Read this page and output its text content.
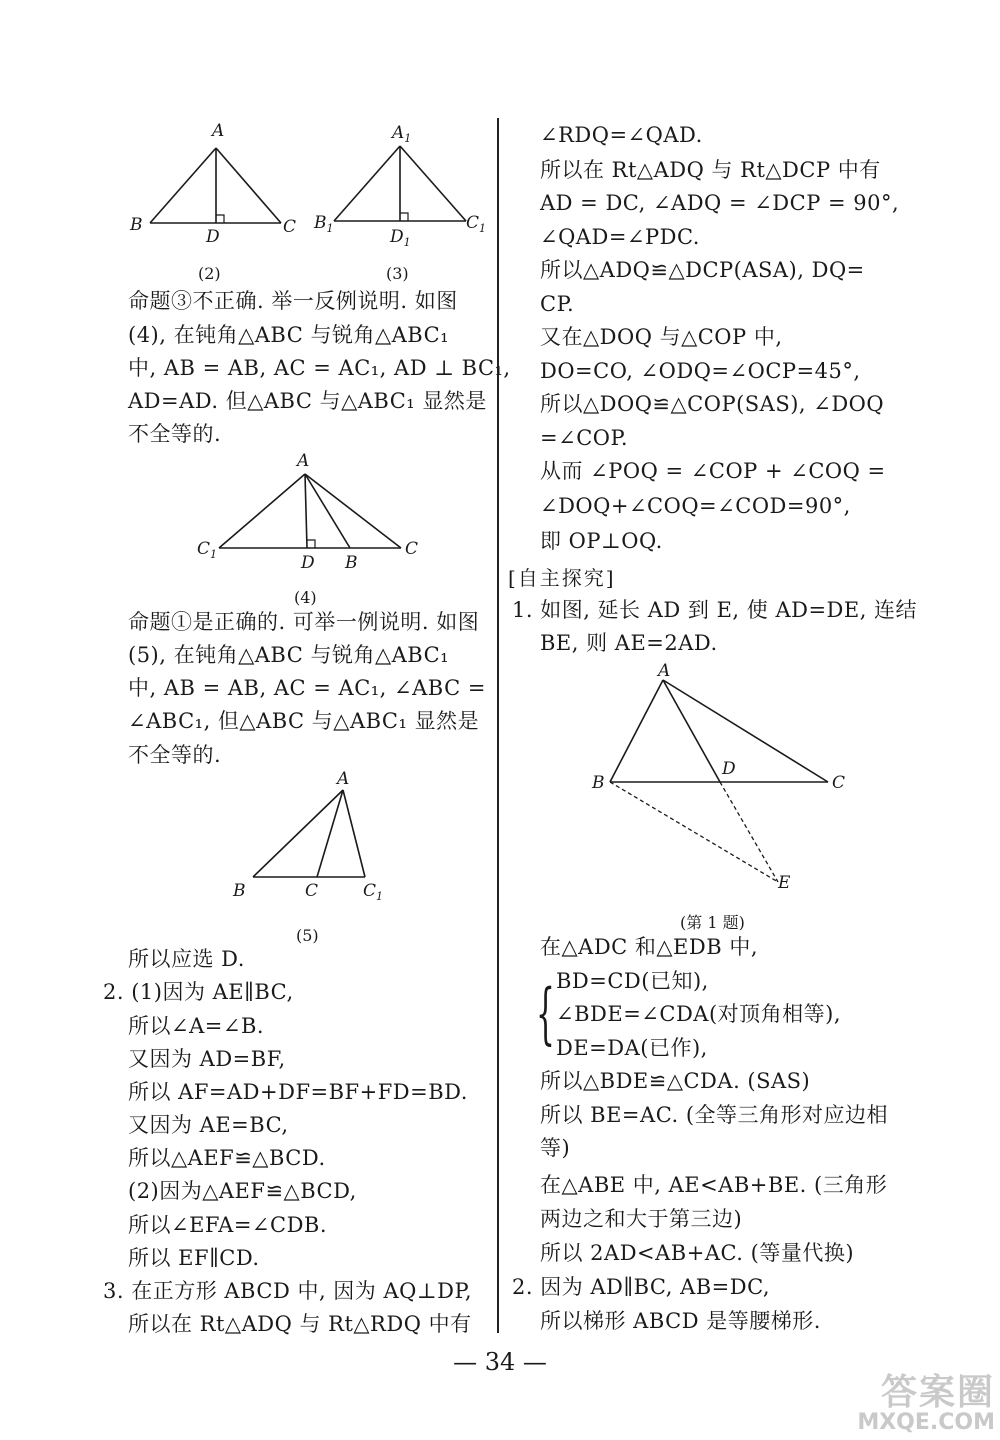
A
B	C
D
(2)
$A_1$
$B_1$	$C_1$
$D_1$
(3)
命题③不正确. 举一反例说明. 如图
(4), 在钝角△ABC 与锐角△ABC₁
中, AB = AB, AC = AC₁, AD ⊥ BC₁,
AD=AD. 但△ABC 与△ABC₁ 显然是
不全等的.
A
$C_1$	D B
C
(4)
命题①是正确的. 可举一例说明. 如图
(5), 在钝角△ABC 与锐角△ABC₁
中, AB = AB, AC = AC₁, ∠ABC =
∠ABC₁, 但△ABC 与△ABC₁ 显然是
不全等的.
A
B	C	$C_1$
(5)
所以应选 D.
2. (1)因为 AE∥BC,
所以∠A=∠B.
又因为 AD=BF,
所以 AF=AD+DF=BF+FD=BD.
又因为 AE=BC,
所以△AEF≌△BCD.
(2)因为△AEF≌△BCD,
所以∠EFA=∠CDB.
所以 EF∥CD.
3. 在正方形 ABCD 中, 因为 AQ⊥DP,
所以在 Rt△ADQ 与 Rt△RDQ 中有
∠RDQ=∠QAD.
所以在 Rt△ADQ 与 Rt△DCP 中有
AD = DC, ∠ADQ = ∠DCP = 90°,
∠QAD=∠PDC.
所以△ADQ≌△DCP(ASA), DQ=
CP.
又在△DOQ 与△COP 中,
DO=CO, ∠ODQ=∠OCP=45°,
所以△DOQ≌△COP(SAS), ∠DOQ
=∠COP.
从而 ∠POQ = ∠COP + ∠COQ =
∠DOQ+∠COQ=∠COD=90°,
即 OP⊥OQ.
[自主探究]
1. 如图, 延长 AD 到 E, 使 AD=DE, 连结
BE, 则 AE=2AD.
A
B
D
C
E
(第 1 题)
在△ADC 和△EDB 中,
{ BD=CD(已知),
∠BDE=∠CDA(对顶角相等),
DE=DA(已作),
所以△BDE≌△CDA. (SAS)
所以 BE=AC. (全等三角形对应边相
等)
在△ABE 中, AE<AB+BE. (三角形
两边之和大于第三边)
所以 2AD<AB+AC. (等量代换)
2. 因为 AD∥BC, AB=DC,
所以梯形 ABCD 是等腰梯形.
— 34 —
答案圈
MXQE.COM
